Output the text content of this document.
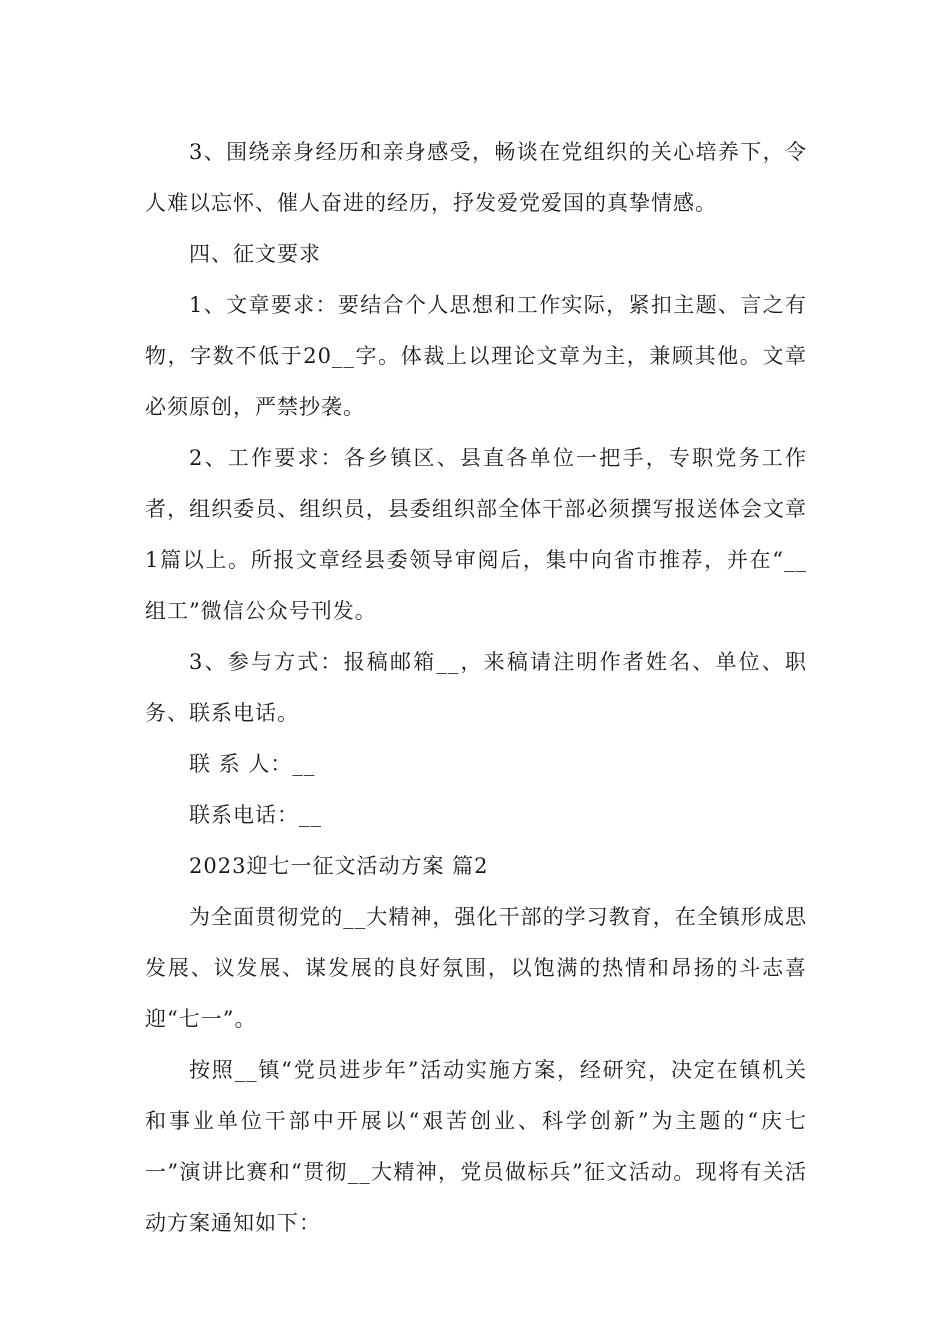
3、围绕亲身经历和亲身感受，畅谈在党组织的关心培养下，令人难以忘怀、催人奋进的经历，抒发爱党爱国的真挚情感。

四、征文要求

1、文章要求：要结合个人思想和工作实际，紧扣主题、言之有物，字数不低于20__字。体裁上以理论文章为主，兼顾其他。文章必须原创，严禁抄袭。

2、工作要求：各乡镇区、县直各单位一把手，专职党务工作者，组织委员、组织员，县委组织部全体干部必须撰写报送体会文章1篇以上。所报文章经县委领导审阅后，集中向省市推荐，并在“__组工”微信公众号刊发。

3、参与方式：报稿邮箱__，来稿请注明作者姓名、单位、职务、联系电话。

联 系 人：__

联系电话：__

2023迎七一征文活动方案 篇2

为全面贯彻党的__大精神，强化干部的学习教育，在全镇形成思发展、议发展、谋发展的良好氛围，以饱满的热情和昂扬的斗志喜迎“七一”。

按照__镇“党员进步年”活动实施方案，经研究，决定在镇机关和事业单位干部中开展以“艰苦创业、科学创新”为主题的“庆七一”演讲比赛和“贯彻__大精神，党员做标兵”征文活动。现将有关活动方案通知如下：
